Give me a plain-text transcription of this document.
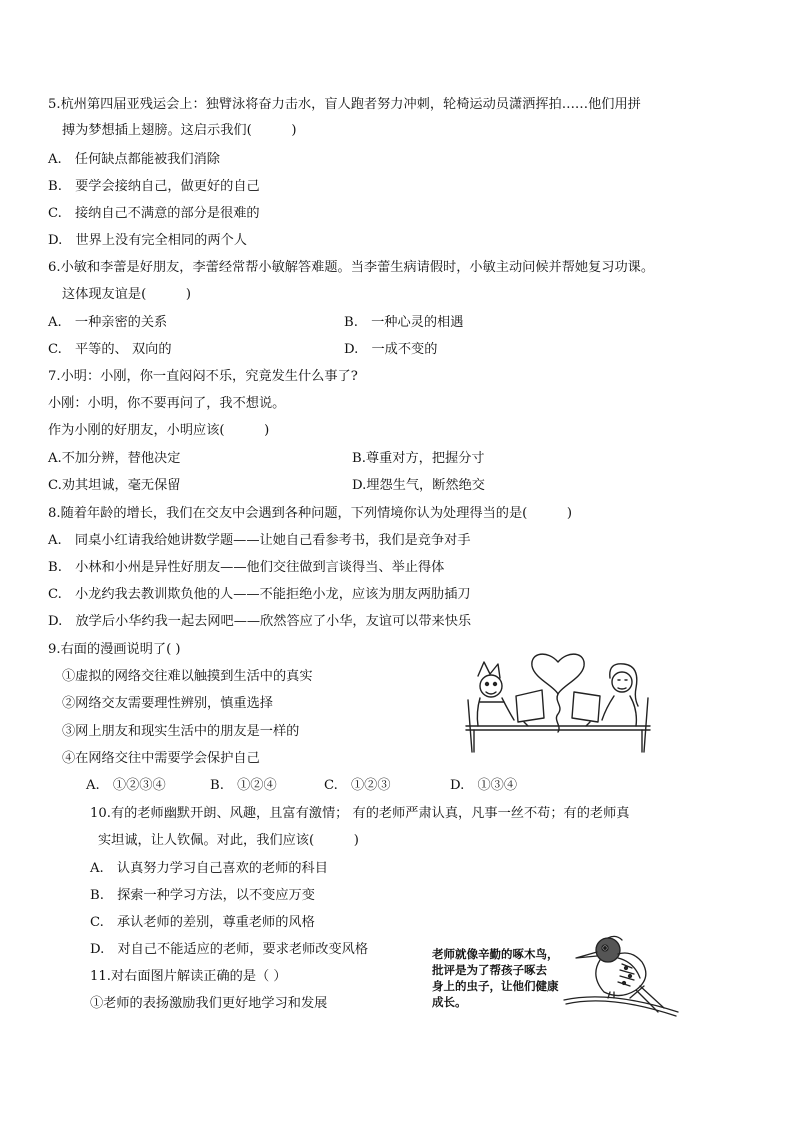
5.杭州第四届亚残运会上：独臂泳将奋力击水，盲人跑者努力冲刺，轮椅运动员潇洒挥拍……他们用拼
搏为梦想插上翅膀。这启示我们(　　　)
A.　任何缺点都能被我们消除
B.　要学会接纳自己，做更好的自己
C.　接纳自己不满意的部分是很难的
D.　世界上没有完全相同的两个人
6.小敏和李蕾是好朋友，李蕾经常帮小敏解答难题。当李蕾生病请假时，小敏主动问候并帮她复习功课。
这体现友谊是(　　　)
A.　一种亲密的关系	B.　一种心灵的相遇
C.　平等的、 双向的	D.　一成不变的
7.小明：小刚，你一直闷闷不乐，究竟发生什么事了?
小刚：小明，你不要再问了，我不想说。
作为小刚的好朋友，小明应该(　　　)
A.不加分辨，替他决定	B.尊重对方，把握分寸
C.劝其坦诚，毫无保留	D.埋怨生气，断然绝交
8.随着年龄的增长，我们在交友中会遇到各种问题，下列情境你认为处理得当的是(　　　)
A.　同桌小红请我给她讲数学题——让她自己看参考书，我们是竞争对手
B.　小林和小州是异性好朋友——他们交往做到言谈得当、举止得体
C.　小龙约我去教训欺负他的人——不能拒绝小龙，应该为朋友两肋插刀
D.　放学后小华约我一起去网吧——欣然答应了小华，友谊可以带来快乐
9.右面的漫画说明了( )
①虚拟的网络交往难以触摸到生活中的真实
②网络交友需要理性辨别，慎重选择
③网上朋友和现实生活中的朋友是一样的
④在网络交往中需要学会保护自己
A.　①②③④	B.　①②④	C.　①②③	D.　①③④
10.有的老师幽默开朗、风趣，且富有激情； 有的老师严肃认真，凡事一丝不苟；有的老师真
实坦诚，让人钦佩。对此，我们应该(　　　)
A.　认真努力学习自己喜欢的老师的科目
B.　探索一种学习方法，以不变应万变
C.　承认老师的差别，尊重老师的风格
D.　对自己不能适应的老师，要求老师改变风格
11.对右面图片解读正确的是（ ）
①老师的表扬激励我们更好地学习和发展
老师就像辛勤的啄木鸟，
批评是为了帮孩子啄去
身上的虫子，让他们健康
成长。
